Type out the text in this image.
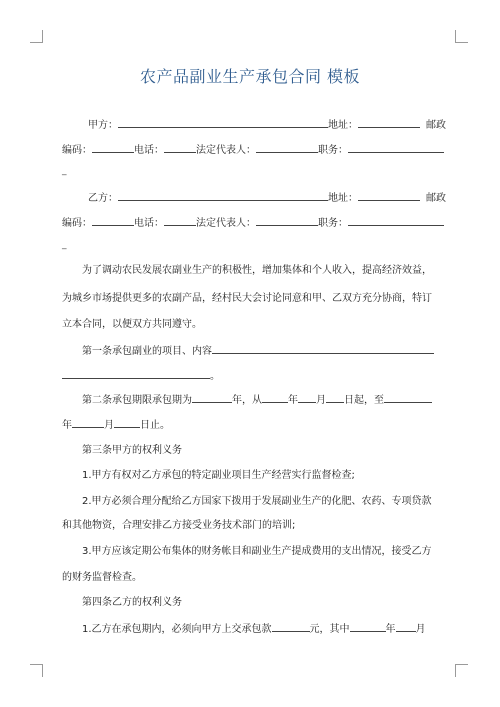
农产品副业生产承包合同 模板
甲方：	地址：	邮政
编码：	电话：	法定代表人：	职务：
_
乙方：	地址：	邮政
编码：	电话：	法定代表人：	职务：
_
为了调动农民发展农副业生产的积极性，增加集体和个人收入，提高经济效益，
为城乡市场提供更多的农副产品，经村民大会讨论同意和甲、乙双方充分协商，特订
立本合同，以便双方共同遵守。
第一条承包副业的项目、内容
。
第二条承包期限承包期为	年，从	年 月 日起，至
年	月	日止。
第三条甲方的权利义务
1.甲方有权对乙方承包的特定副业项目生产经营实行监督检查;
2.甲方必须合理分配给乙方国家下拨用于发展副业生产的化肥、农药、专项贷款
和其他物资，合理安排乙方接受业务技术部门的培训;
3.甲方应该定期公布集体的财务帐目和副业生产提成费用的支出情况，接受乙方
的财务监督检查。
第四条乙方的权利义务
1.乙方在承包期内，必须向甲方上交承包款	元，其中	年 月
